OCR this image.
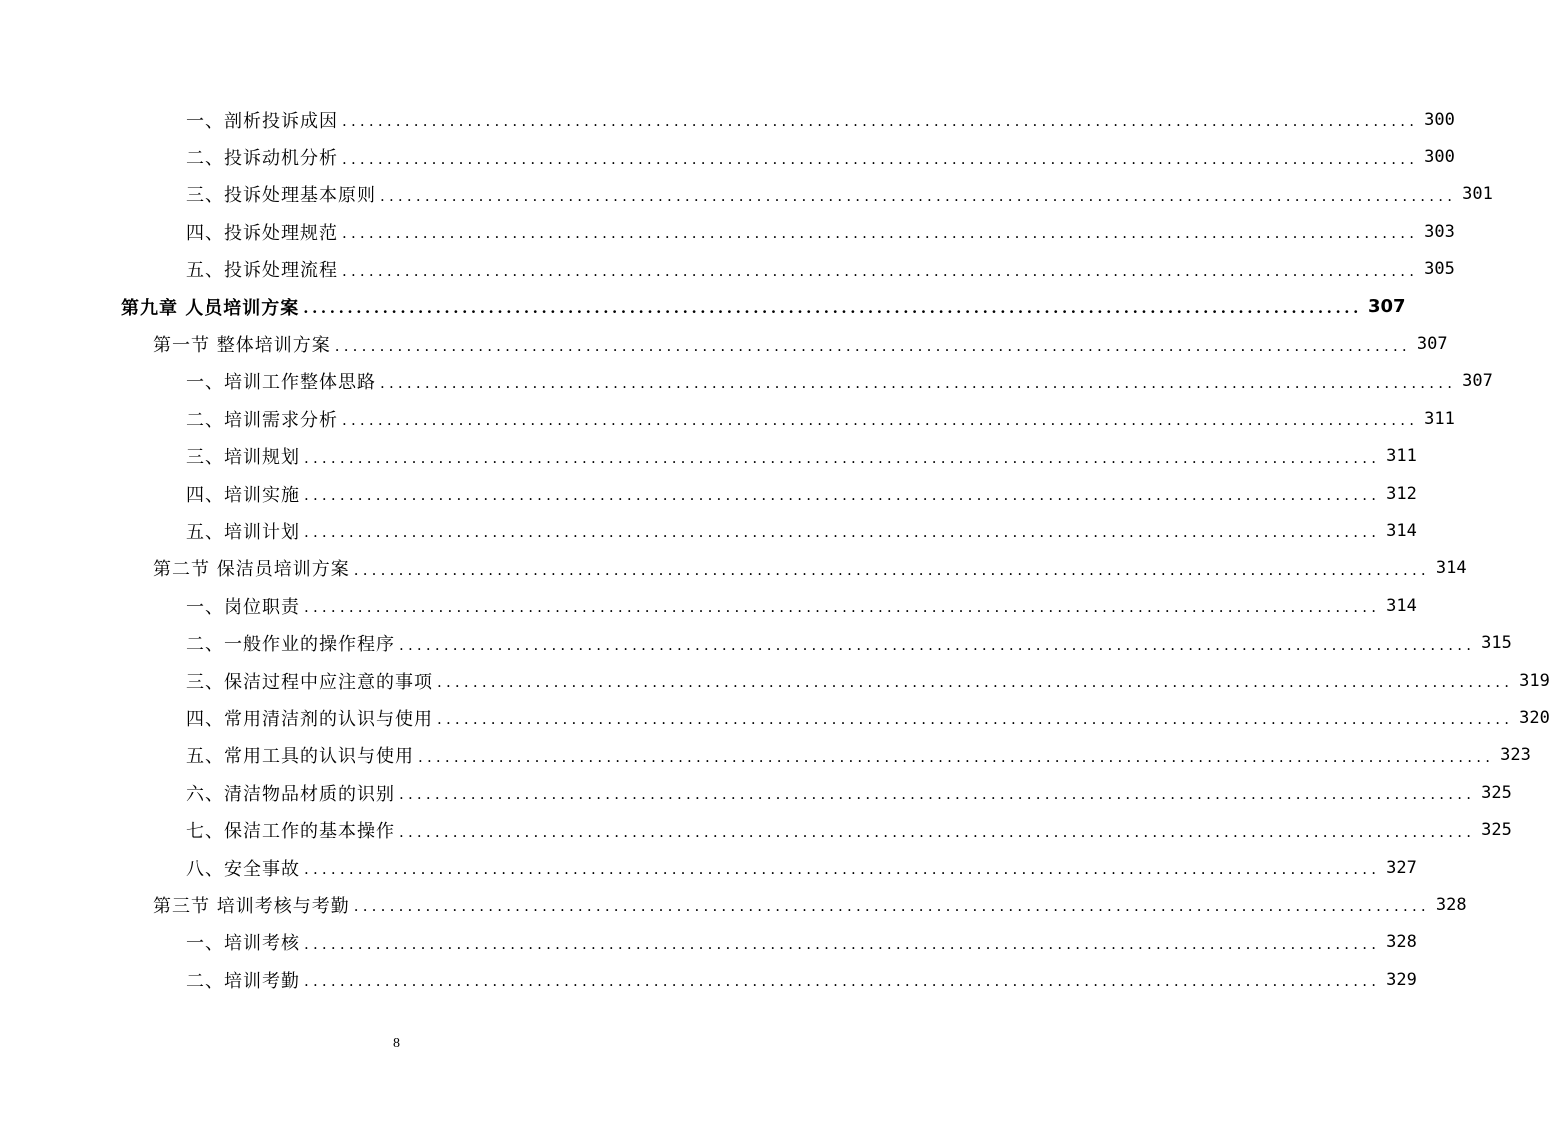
一、剖析投诉成因 ........................................................................................................................ 300
二、投诉动机分析 ........................................................................................................................ 300
三、投诉处理基本原则 ........................................................................................................................ 301
四、投诉处理规范 ........................................................................................................................ 303
五、投诉处理流程 ........................................................................................................................ 305
第九章 人员培训方案 ........................................................................................................................ 307
第一节 整体培训方案 ........................................................................................................................ 307
一、培训工作整体思路 ........................................................................................................................ 307
二、培训需求分析 ........................................................................................................................ 311
三、培训规划 ........................................................................................................................ 311
四、培训实施 ........................................................................................................................ 312
五、培训计划 ........................................................................................................................ 314
第二节 保洁员培训方案 ........................................................................................................................ 314
一、岗位职责 ........................................................................................................................ 314
二、一般作业的操作程序 ........................................................................................................................ 315
三、保洁过程中应注意的事项 ........................................................................................................................ 319
四、常用清洁剂的认识与使用 ........................................................................................................................ 320
五、常用工具的认识与使用 ........................................................................................................................ 323
六、清洁物品材质的识别 ........................................................................................................................ 325
七、保洁工作的基本操作 ........................................................................................................................ 325
八、安全事故 ........................................................................................................................ 327
第三节 培训考核与考勤 ........................................................................................................................ 328
一、培训考核 ........................................................................................................................ 328
二、培训考勤 ........................................................................................................................ 329
8
